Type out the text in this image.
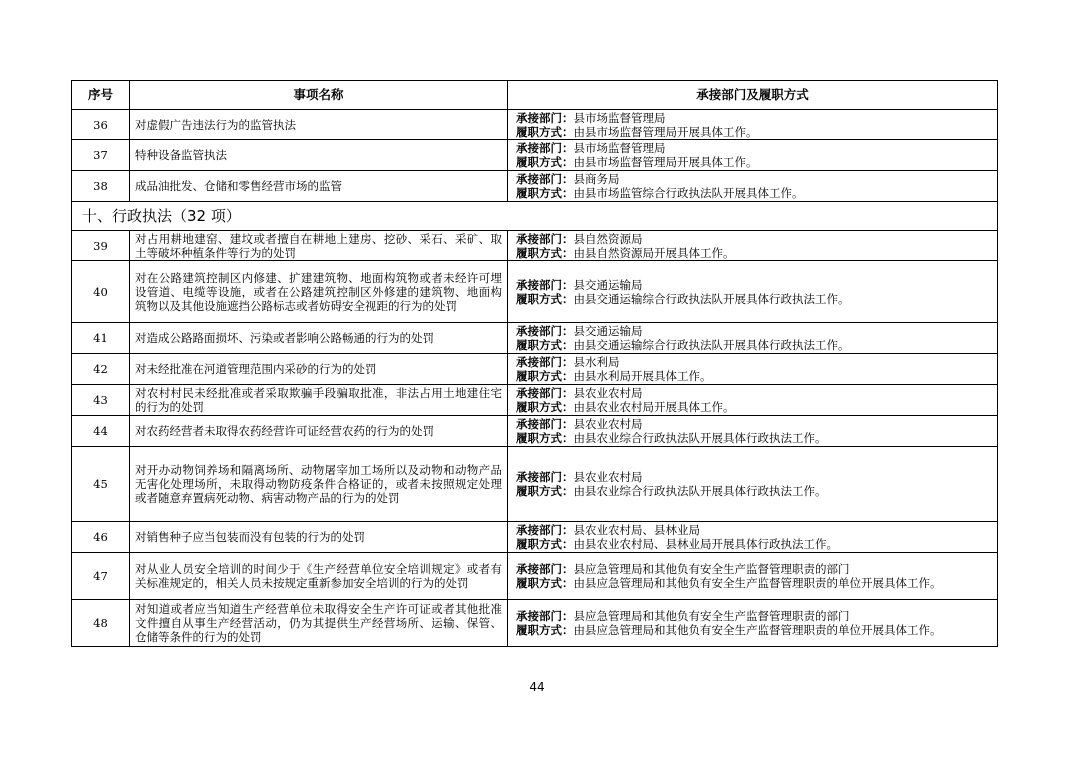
序号	事项名称	承接部门及履职方式
36	对虚假广告违法行为的监管执法	承接部门：县市场监督管理局
履职方式：由县市场监督管理局开展具体工作。

37	特种设备监管执法	承接部门：县市场监督管理局
履职方式：由县市场监督管理局开展具体工作。

38	成品油批发、仓储和零售经营市场的监管	承接部门：县商务局
履职方式：由县市场监管综合行政执法队开展具体工作。

十、行政执法（32 项）		
39	对占用耕地建窑、建坟或者擅自在耕地上建房、挖砂、采石、采矿、取土等破坏种植条件等行为的处罚	承接部门：县自然资源局
履职方式：由县自然资源局开展具体工作。

40	对在公路建筑控制区内修建、扩建建筑物、地面构筑物或者未经许可埋设管道、电缆等设施，或者在公路建筑控制区外修建的建筑物、地面构筑物以及其他设施遮挡公路标志或者妨碍安全视距的行为的处罚	承接部门：县交通运输局
履职方式：由县交通运输综合行政执法队开展具体行政执法工作。

41	对造成公路路面损坏、污染或者影响公路畅通的行为的处罚	承接部门：县交通运输局
履职方式：由县交通运输综合行政执法队开展具体行政执法工作。

42	对未经批准在河道管理范围内采砂的行为的处罚	承接部门：县水利局
履职方式：由县水利局开展具体工作。

43	对农村村民未经批准或者采取欺骗手段骗取批准，非法占用土地建住宅的行为的处罚	承接部门：县农业农村局
履职方式：由县农业农村局开展具体工作。

44	对农药经营者未取得农药经营许可证经营农药的行为的处罚	承接部门：县农业农村局
履职方式：由县农业综合行政执法队开展具体行政执法工作。

45	对开办动物饲养场和隔离场所、动物屠宰加工场所以及动物和动物产品无害化处理场所，未取得动物防疫条件合格证的，或者未按照规定处理或者随意弃置病死动物、病害动物产品的行为的处罚	承接部门：县农业农村局
履职方式：由县农业综合行政执法队开展具体行政执法工作。

46	对销售种子应当包装而没有包装的行为的处罚	承接部门：县农业农村局、县林业局
履职方式：由县农业农村局、县林业局开展具体行政执法工作。

47	对从业人员安全培训的时间少于《生产经营单位安全培训规定》或者有关标准规定的，相关人员未按规定重新参加安全培训的行为的处罚	承接部门：县应急管理局和其他负有安全生产监督管理职责的部门
履职方式：由县应急管理局和其他负有安全生产监督管理职责的单位开展具体工作。

48	对知道或者应当知道生产经营单位未取得安全生产许可证或者其他批准文件擅自从事生产经营活动，仍为其提供生产经营场所、运输、保管、仓储等条件的行为的处罚	承接部门：县应急管理局和其他负有安全生产监督管理职责的部门
履职方式：由县应急管理局和其他负有安全生产监督管理职责的单位开展具体工作。
44
